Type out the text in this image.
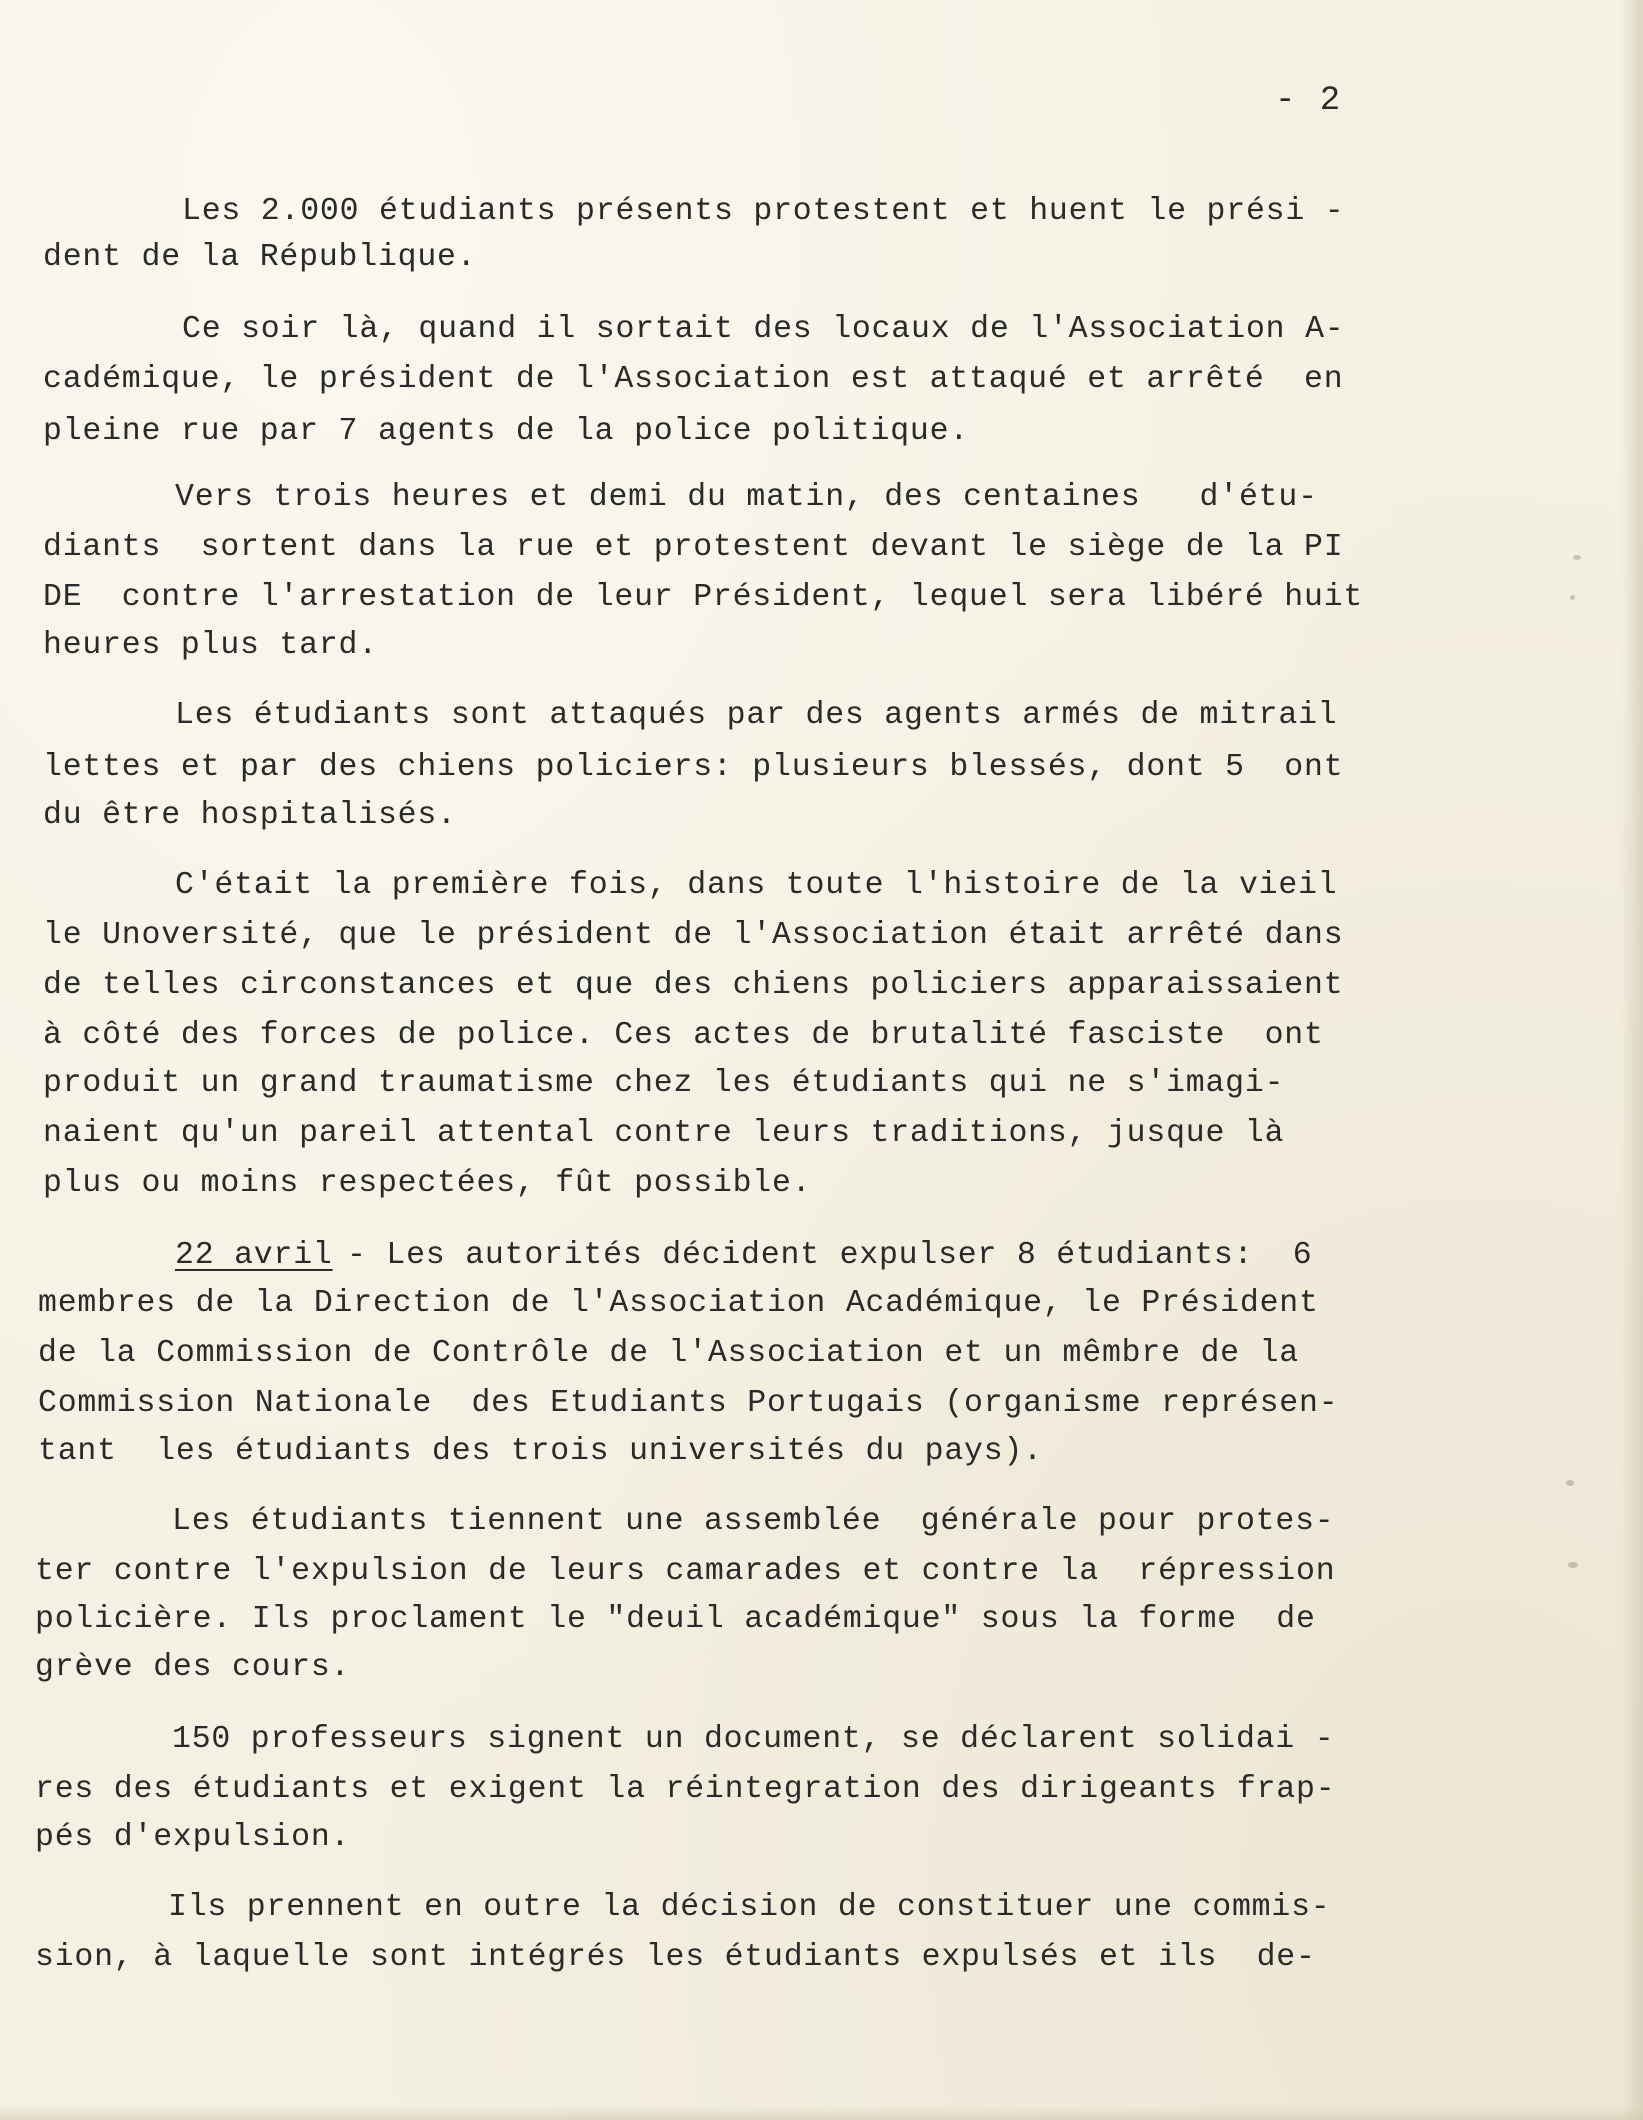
- 2
Les 2.000 étudiants présents protestent et huent le prési -
dent de la République.
Ce soir là, quand il sortait des locaux de l'Association A-
cadémique, le président de l'Association est attaqué et arrêté  en
pleine rue par 7 agents de la police politique.
Vers trois heures et demi du matin, des centaines   d'étu-
diants  sortent dans la rue et protestent devant le siège de la PI
DE  contre l'arrestation de leur Président, lequel sera libéré huit
heures plus tard.
Les étudiants sont attaqués par des agents armés de mitrail
lettes et par des chiens policiers: plusieurs blessés, dont 5  ont
du être hospitalisés.
C'était la première fois, dans toute l'histoire de la vieil
le Unoversité, que le président de l'Association était arrêté dans
de telles circonstances et que des chiens policiers apparaissaient
à côté des forces de police. Ces actes de brutalité fasciste  ont
produit un grand traumatisme chez les étudiants qui ne s'imagi-
naient qu'un pareil attental contre leurs traditions, jusque là
plus ou moins respectées, fût possible.
22 avril - Les autorités décident expulser 8 étudiants:  6
membres de la Direction de l'Association Académique, le Président
de la Commission de Contrôle de l'Association et un mêmbre de la
Commission Nationale  des Etudiants Portugais (organisme représen-
tant  les étudiants des trois universités du pays).
Les étudiants tiennent une assemblée  générale pour protes-
ter contre l'expulsion de leurs camarades et contre la  répression
policière. Ils proclament le "deuil académique" sous la forme  de
grève des cours.
150 professeurs signent un document, se déclarent solidai -
res des étudiants et exigent la réintegration des dirigeants frap-
pés d'expulsion.
Ils prennent en outre la décision de constituer une commis-
sion, à laquelle sont intégrés les étudiants expulsés et ils  de-
